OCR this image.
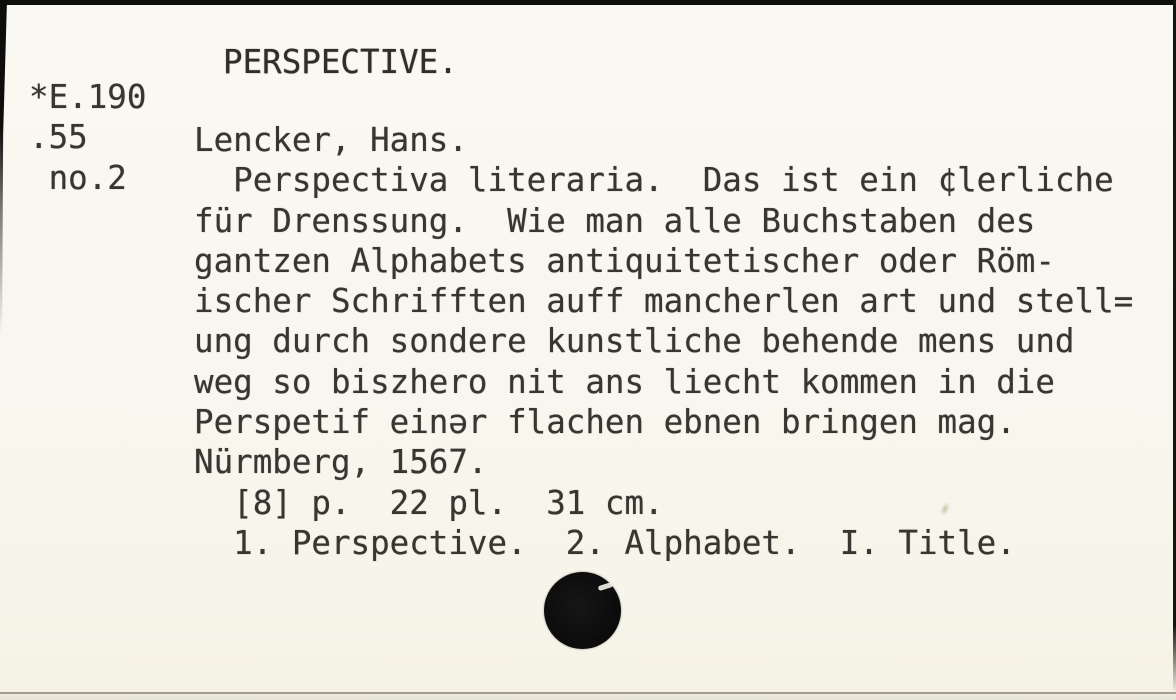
PERSPECTIVE.
*E.190
.55
no.2
Lencker, Hans.
Perspectiva literaria.  Das ist ein ¢lerliche
für Drenssung.  Wie man alle Buchstaben des
gantzen Alphabets antiquitetischer oder Röm-
ischer Schrifften auff mancherlen art und stell=
ung durch sondere kunstliche behende mens und
weg so biszhero nit ans liecht kommen in die
Perspetif einər flachen ebnen bringen mag.
Nürmberg, 1567.
[8] p.  22 pl.  31 cm.
1. Perspective.  2. Alphabet.  I. Title.
